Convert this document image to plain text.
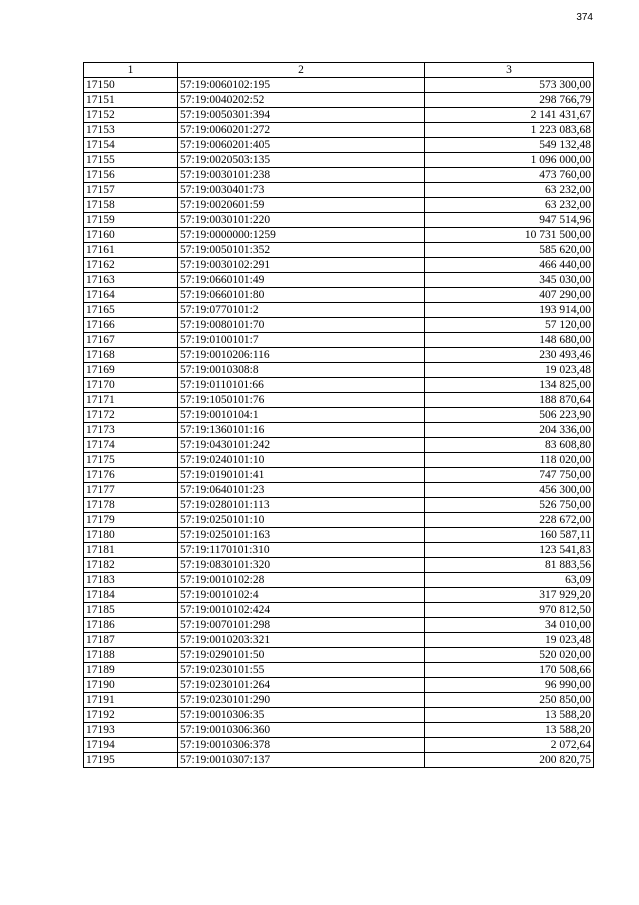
374
1	2	3
17150	57:19:0060102:195	573 300,00
17151	57:19:0040202:52	298 766,79
17152	57:19:0050301:394	2 141 431,67
17153	57:19:0060201:272	1 223 083,68
17154	57:19:0060201:405	549 132,48
17155	57:19:0020503:135	1 096 000,00
17156	57:19:0030101:238	473 760,00
17157	57:19:0030401:73	63 232,00
17158	57:19:0020601:59	63 232,00
17159	57:19:0030101:220	947 514,96
17160	57:19:0000000:1259	10 731 500,00
17161	57:19:0050101:352	585 620,00
17162	57:19:0030102:291	466 440,00
17163	57:19:0660101:49	345 030,00
17164	57:19:0660101:80	407 290,00
17165	57:19:0770101:2	193 914,00
17166	57:19:0080101:70	57 120,00
17167	57:19:0100101:7	148 680,00
17168	57:19:0010206:116	230 493,46
17169	57:19:0010308:8	19 023,48
17170	57:19:0110101:66	134 825,00
17171	57:19:1050101:76	188 870,64
17172	57:19:0010104:1	506 223,90
17173	57:19:1360101:16	204 336,00
17174	57:19:0430101:242	83 608,80
17175	57:19:0240101:10	118 020,00
17176	57:19:0190101:41	747 750,00
17177	57:19:0640101:23	456 300,00
17178	57:19:0280101:113	526 750,00
17179	57:19:0250101:10	228 672,00
17180	57:19:0250101:163	160 587,11
17181	57:19:1170101:310	123 541,83
17182	57:19:0830101:320	81 883,56
17183	57:19:0010102:28	63,09
17184	57:19:0010102:4	317 929,20
17185	57:19:0010102:424	970 812,50
17186	57:19:0070101:298	34 010,00
17187	57:19:0010203:321	19 023,48
17188	57:19:0290101:50	520 020,00
17189	57:19:0230101:55	170 508,66
17190	57:19:0230101:264	96 990,00
17191	57:19:0230101:290	250 850,00
17192	57:19:0010306:35	13 588,20
17193	57:19:0010306:360	13 588,20
17194	57:19:0010306:378	2 072,64
17195	57:19:0010307:137	200 820,75
